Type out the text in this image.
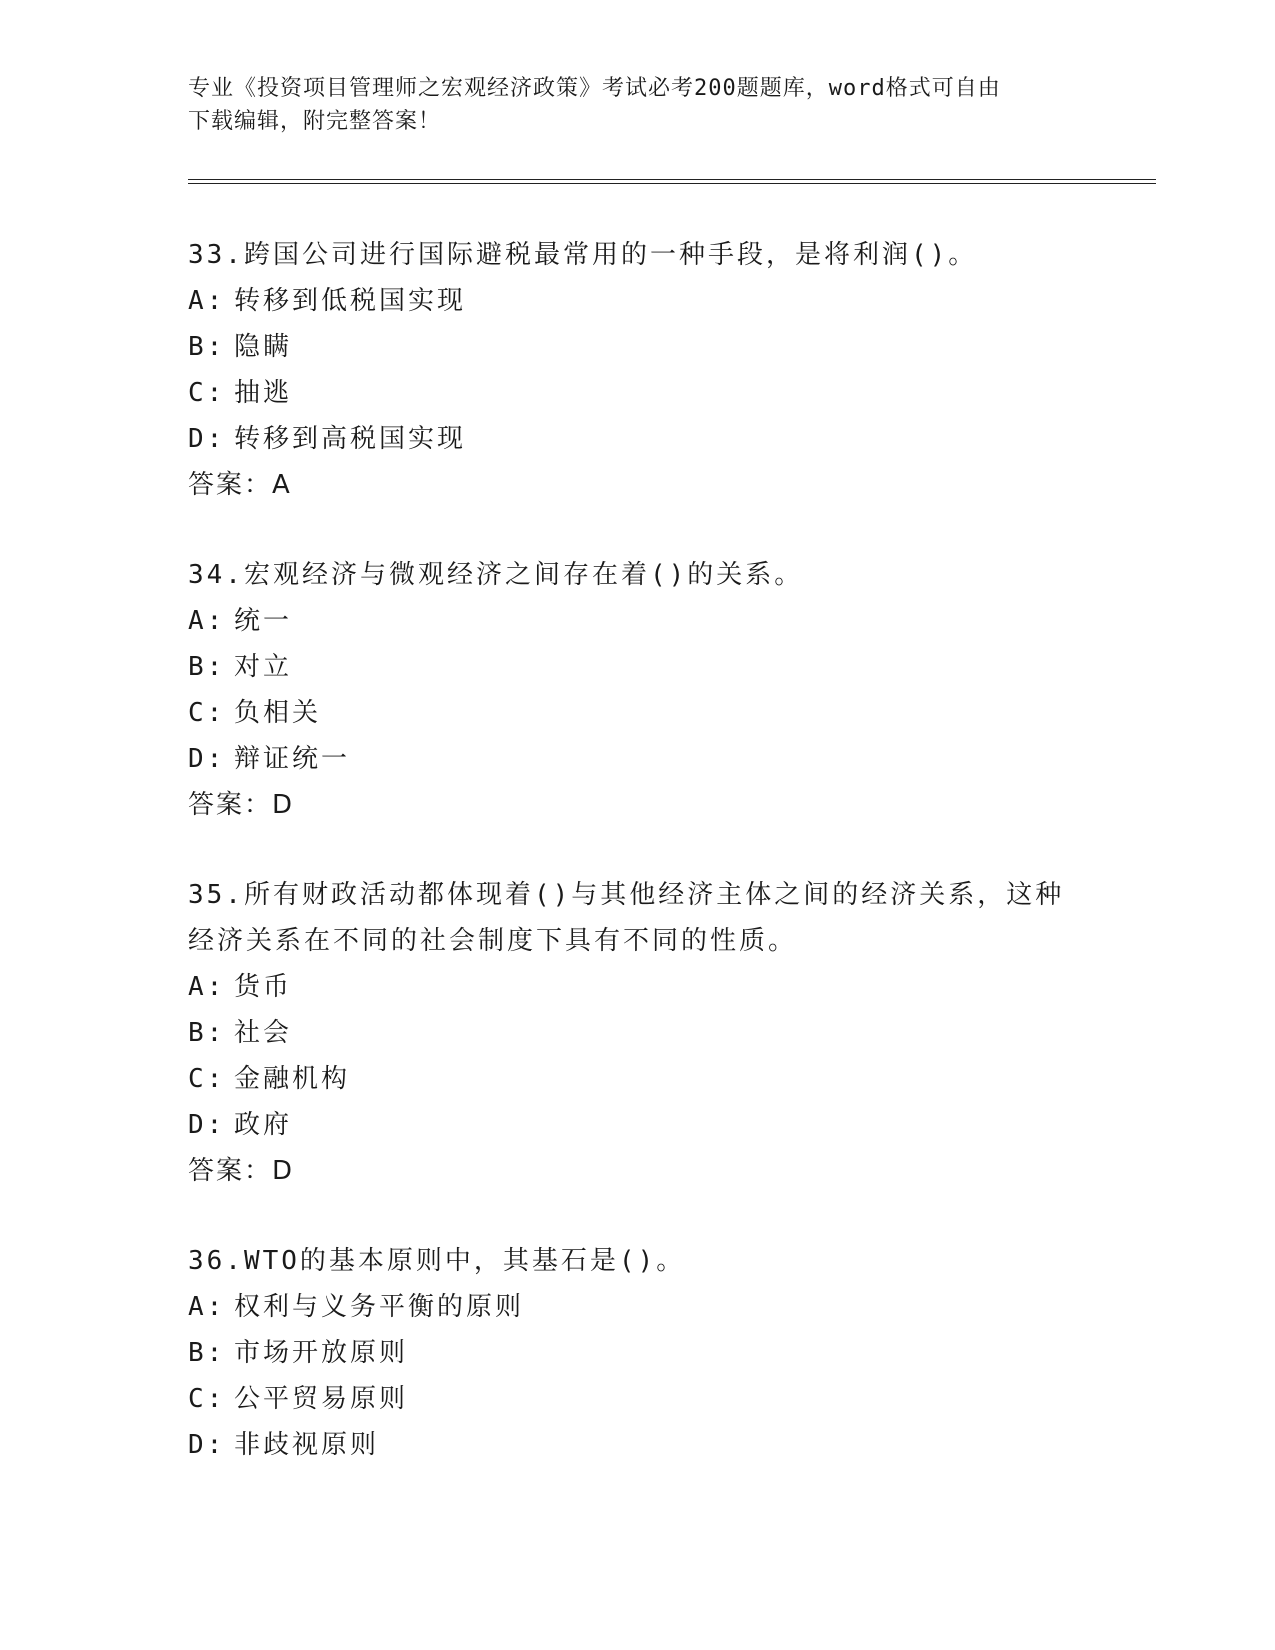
专业《投资项目管理师之宏观经济政策》考试必考200题题库，word格式可自由
下载编辑，附完整答案！
33.跨国公司进行国际避税最常用的一种手段，是将利润()。
A: 转移到低税国实现
B: 隐瞒
C: 抽逃
D: 转移到高税国实现
答案：A
34.宏观经济与微观经济之间存在着()的关系。
A: 统一
B: 对立
C: 负相关
D: 辩证统一
答案：D
35.所有财政活动都体现着()与其他经济主体之间的经济关系，这种经济关系在不同的社会制度下具有不同的性质。
A: 货币
B: 社会
C: 金融机构
D: 政府
答案：D
36.WTO的基本原则中，其基石是()。
A: 权利与义务平衡的原则
B: 市场开放原则
C: 公平贸易原则
D: 非歧视原则
